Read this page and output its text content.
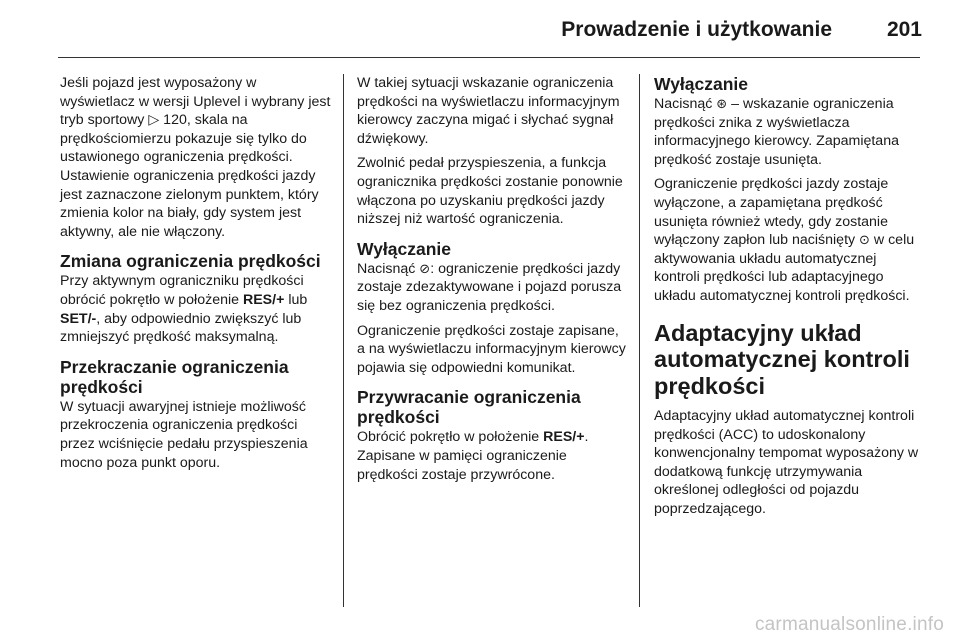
Prowadzenie i użytkowanie	201

Jeśli pojazd jest wyposażony w wyświetlacz w wersji Uplevel i wybrany jest tryb sportowy ▷ 120, skala na prędkościomierzu pokazuje się tylko do ustawionego ograniczenia prędkości. Ustawienie ograniczenia prędkości jazdy jest zaznaczone zielonym punktem, który zmienia kolor na biały, gdy system jest aktywny, ale nie włączony.

Zmiana ograniczenia prędkości

Przy aktywnym ograniczniku prędkości obrócić pokrętło w położenie RES/+ lub SET/-, aby odpowiednio zwiększyć lub zmniejszyć prędkość maksymalną.

Przekraczanie ograniczenia prędkości

W sytuacji awaryjnej istnieje możliwość przekroczenia ograniczenia prędkości przez wciśnięcie pedału przyspieszenia mocno poza punkt oporu.

W takiej sytuacji wskazanie ograniczenia prędkości na wyświetlaczu informacyjnym kierowcy zaczyna migać i słychać sygnał dźwiękowy.

Zwolnić pedał przyspieszenia, a funkcja ogranicznika prędkości zostanie ponownie włączona po uzyskaniu prędkości jazdy niższej niż wartość ograniczenia.

Wyłączanie

Nacisnąć ⊘: ograniczenie prędkości jazdy zostaje zdezaktywowane i pojazd porusza się bez ograniczenia prędkości.

Ograniczenie prędkości zostaje zapisane, a na wyświetlaczu informacyjnym kierowcy pojawia się odpowiedni komunikat.

Przywracanie ograniczenia prędkości

Obrócić pokrętło w położenie RES/+. Zapisane w pamięci ograniczenie prędkości zostaje przywrócone.

Wyłączanie

Nacisnąć ⊛ – wskazanie ograniczenia prędkości znika z wyświetlacza informacyjnego kierowcy. Zapamiętana prędkość zostaje usunięta.

Ograniczenie prędkości jazdy zostaje wyłączone, a zapamiętana prędkość usunięta również wtedy, gdy zostanie wyłączony zapłon lub naciśnięty ⊙ w celu aktywowania układu automatycznej kontroli prędkości lub adaptacyjnego układu automatycznej kontroli prędkości.

Adaptacyjny układ automatycznej kontroli prędkości

Adaptacyjny układ automatycznej kontroli prędkości (ACC) to udoskonalony konwencjonalny tempomat wyposażony w dodatkową funkcję utrzymywania określonej odległości od pojazdu poprzedzającego.

carmanualsonline.info
